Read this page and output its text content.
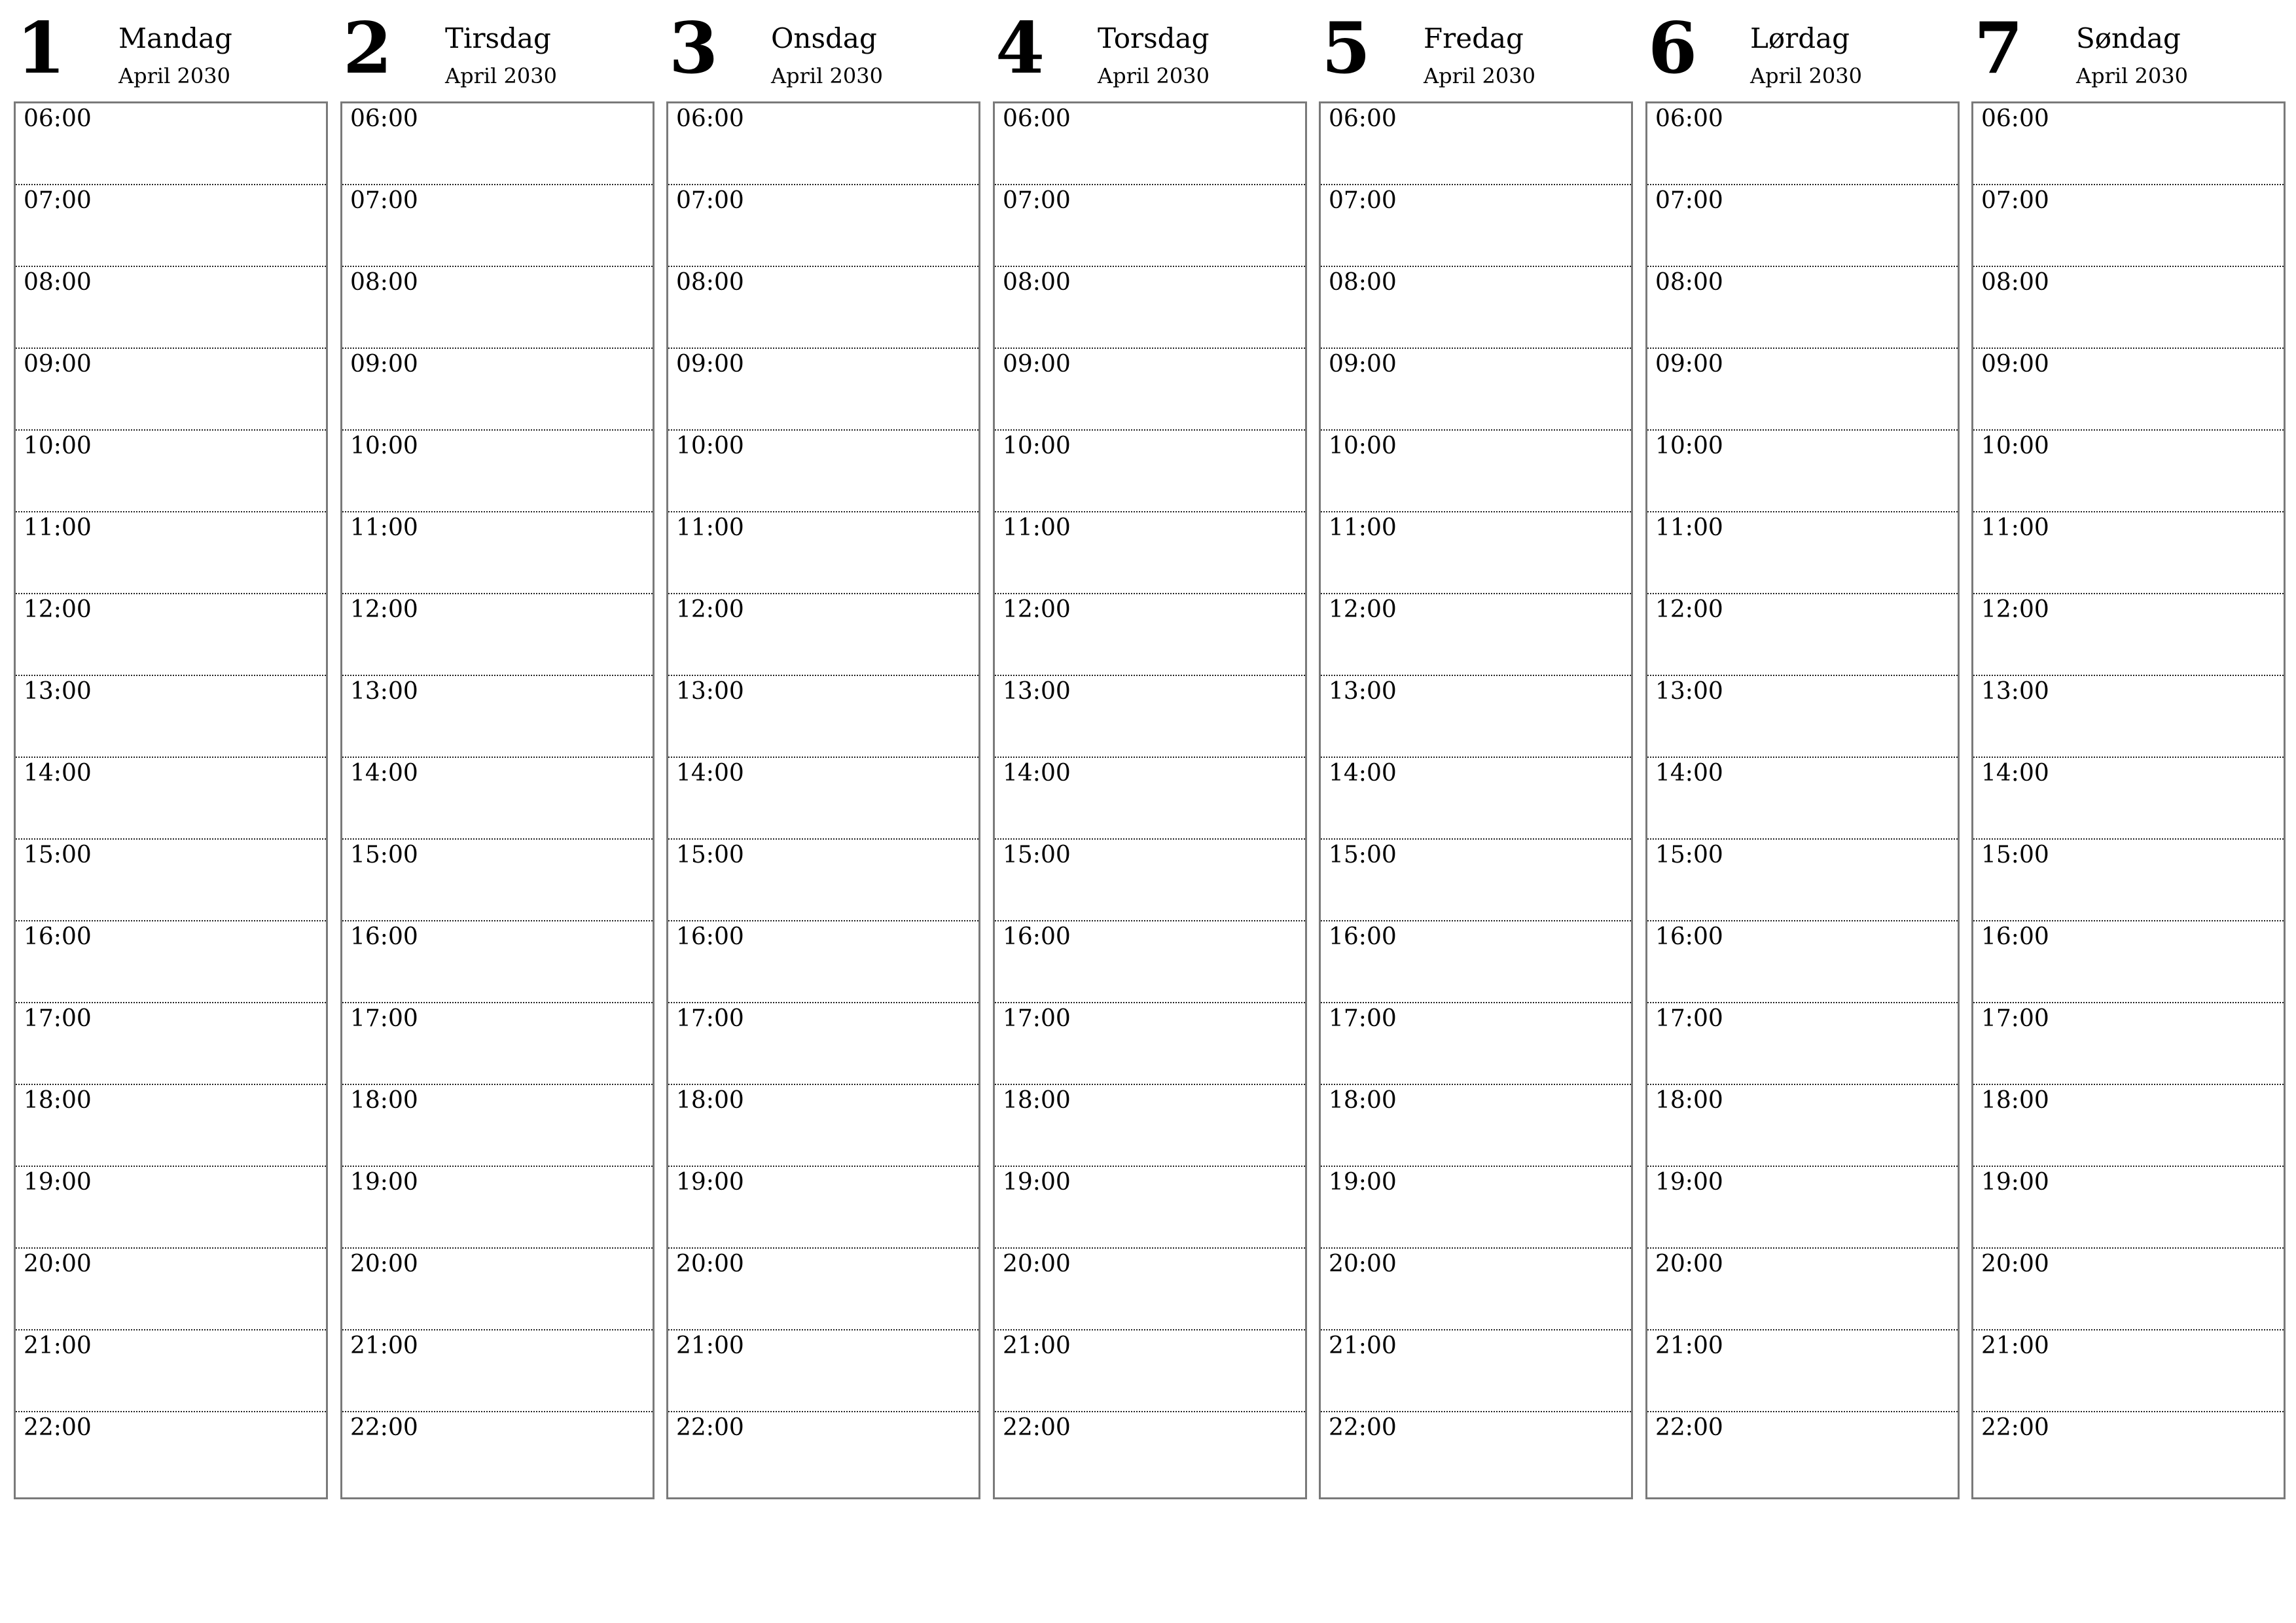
1 Mandag
April 2030
06:00
07:00
08:00
09:00
10:00
11:00
12:00
13:00
14:00
15:00
16:00
17:00
18:00
19:00
20:00
21:00
22:00
2 Tirsdag
April 2030
06:00
07:00
08:00
09:00
10:00
11:00
12:00
13:00
14:00
15:00
16:00
17:00
18:00
19:00
20:00
21:00
22:00
3 Onsdag
April 2030
06:00
07:00
08:00
09:00
10:00
11:00
12:00
13:00
14:00
15:00
16:00
17:00
18:00
19:00
20:00
21:00
22:00
4 Torsdag
April 2030
06:00
07:00
08:00
09:00
10:00
11:00
12:00
13:00
14:00
15:00
16:00
17:00
18:00
19:00
20:00
21:00
22:00
5 Fredag
April 2030
06:00
07:00
08:00
09:00
10:00
11:00
12:00
13:00
14:00
15:00
16:00
17:00
18:00
19:00
20:00
21:00
22:00
6 Lørdag
April 2030
06:00
07:00
08:00
09:00
10:00
11:00
12:00
13:00
14:00
15:00
16:00
17:00
18:00
19:00
20:00
21:00
22:00
7 Søndag
April 2030
06:00
07:00
08:00
09:00
10:00
11:00
12:00
13:00
14:00
15:00
16:00
17:00
18:00
19:00
20:00
21:00
22:00
